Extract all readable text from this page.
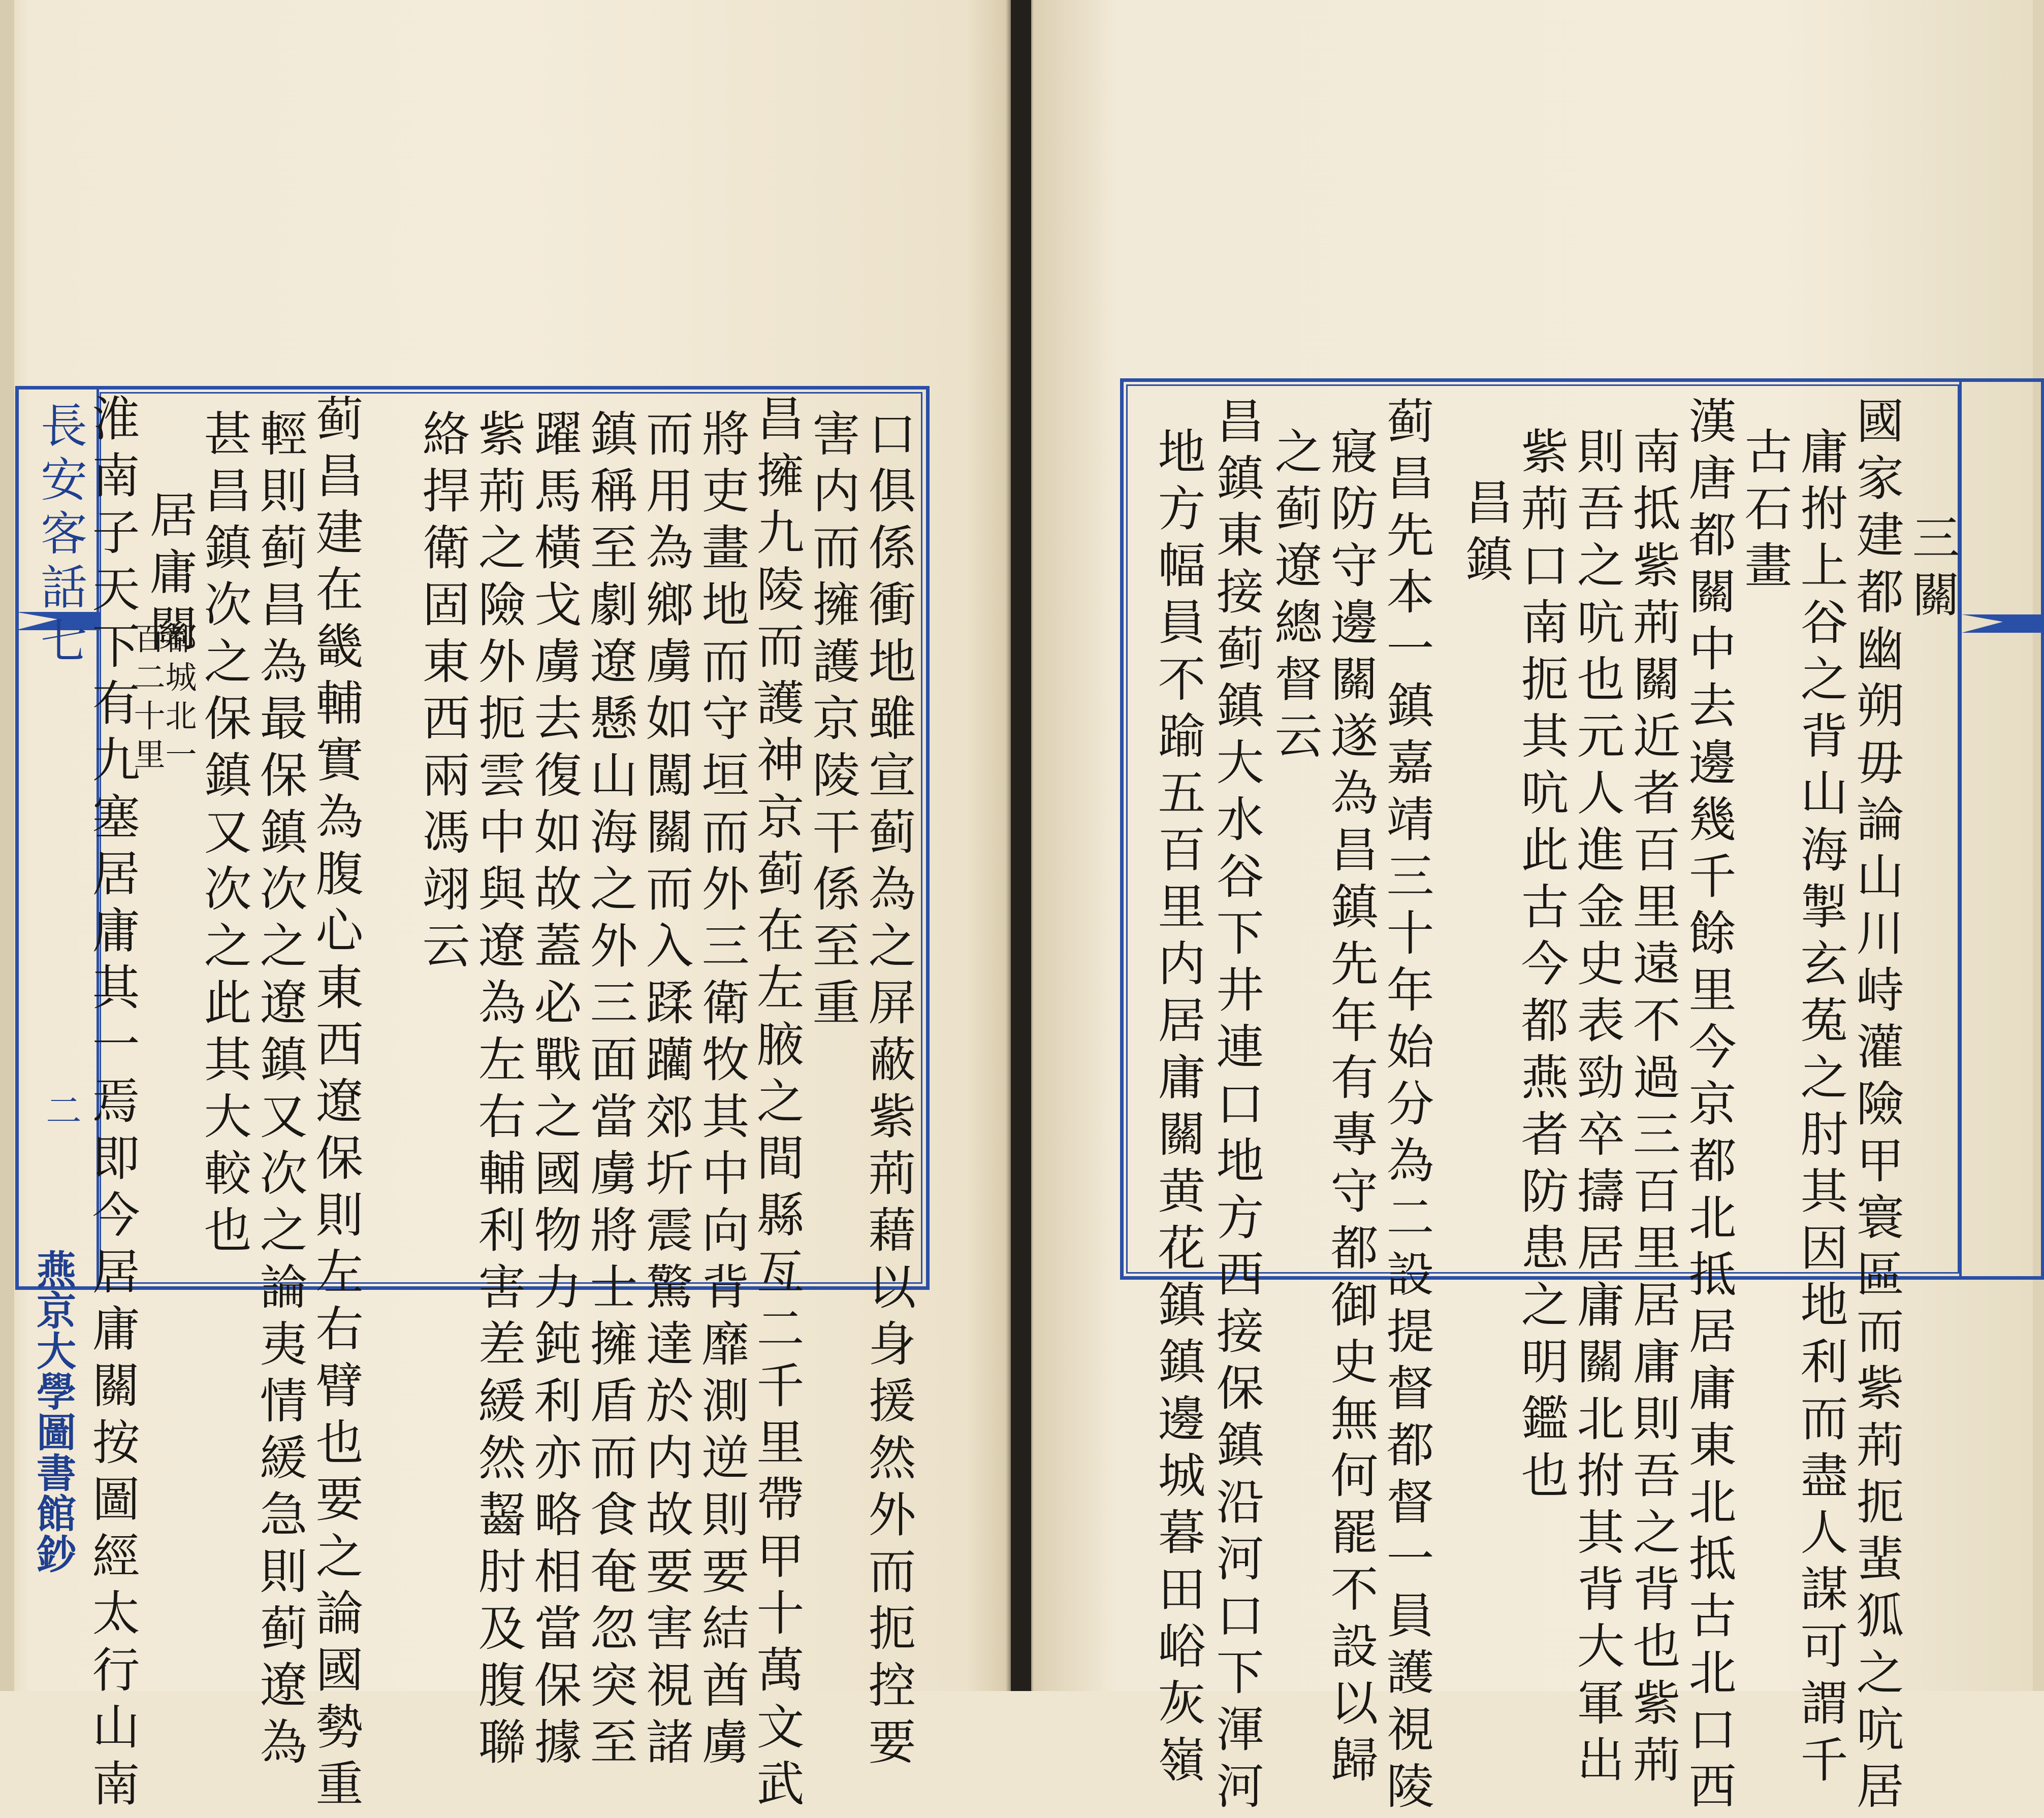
長安客話七
二
燕京大學圖書館鈔	口俱係衝地雖宣蓟為之屏蔽紫荊藉以身援然外而扼控要
害内而擁護京陵干係至重
昌擁九陵而護神京蓟在左腋之間縣亙二千里帶甲十萬文武
將吏畫地而守垣而外三衛牧其中向背靡測逆則要結酋虜
而用為鄉虜如闖關而入蹂躪郊圻震驚達於内故要害視諸
鎮稱至劇遼懸山海之外三面當虜將士擁盾而食奄忽突至
躍馬橫戈虜去復如故蓋必戰之國物力鈍利亦略相當保據
紫荊之險外扼雲中與遼為左右輔利害差緩然齧肘及腹聯
絡捍衛固東西兩馮翊云
蓟昌建在畿輔實為腹心東西遼保則左右臂也要之論國勢重
輕則蓟昌為最保鎮次之遼鎮又次之論夷情緩急則蓟遼為
甚昌鎮次之保鎮又次之此其大較也
居庸關
淮南子天下有九塞居庸其一焉即今居庸關按圖經太行山南 都城北一
百二十里
三關
國家建都幽朔毋論山川峙灌險甲寰區而紫荊扼蜚狐之吭居
庸拊上谷之背山海掣玄菟之肘其因地利而盡人謀可謂千
古石畫
漢唐都關中去邊幾千餘里今京都北抵居庸東北抵古北口西
南抵紫荊關近者百里遠不過三百里居庸則吾之背也紫荊
則吾之吭也元人進金史表勁卒擣居庸關北拊其背大軍出
紫荊口南扼其吭此古今都燕者防患之明鑑也
昌鎮
蓟昌先本一鎮嘉靖三十年始分為二設提督都督一員護視陵
寢防守邊關遂為昌鎮先年有專守都御史無何罷不設以歸
之蓟遼總督云
昌鎮東接蓟鎮大水谷下井連口地方西接保鎮沿河口下渾河
地方幅員不踰五百里内居庸關黄花鎮鎮邊城暮田峪灰嶺
